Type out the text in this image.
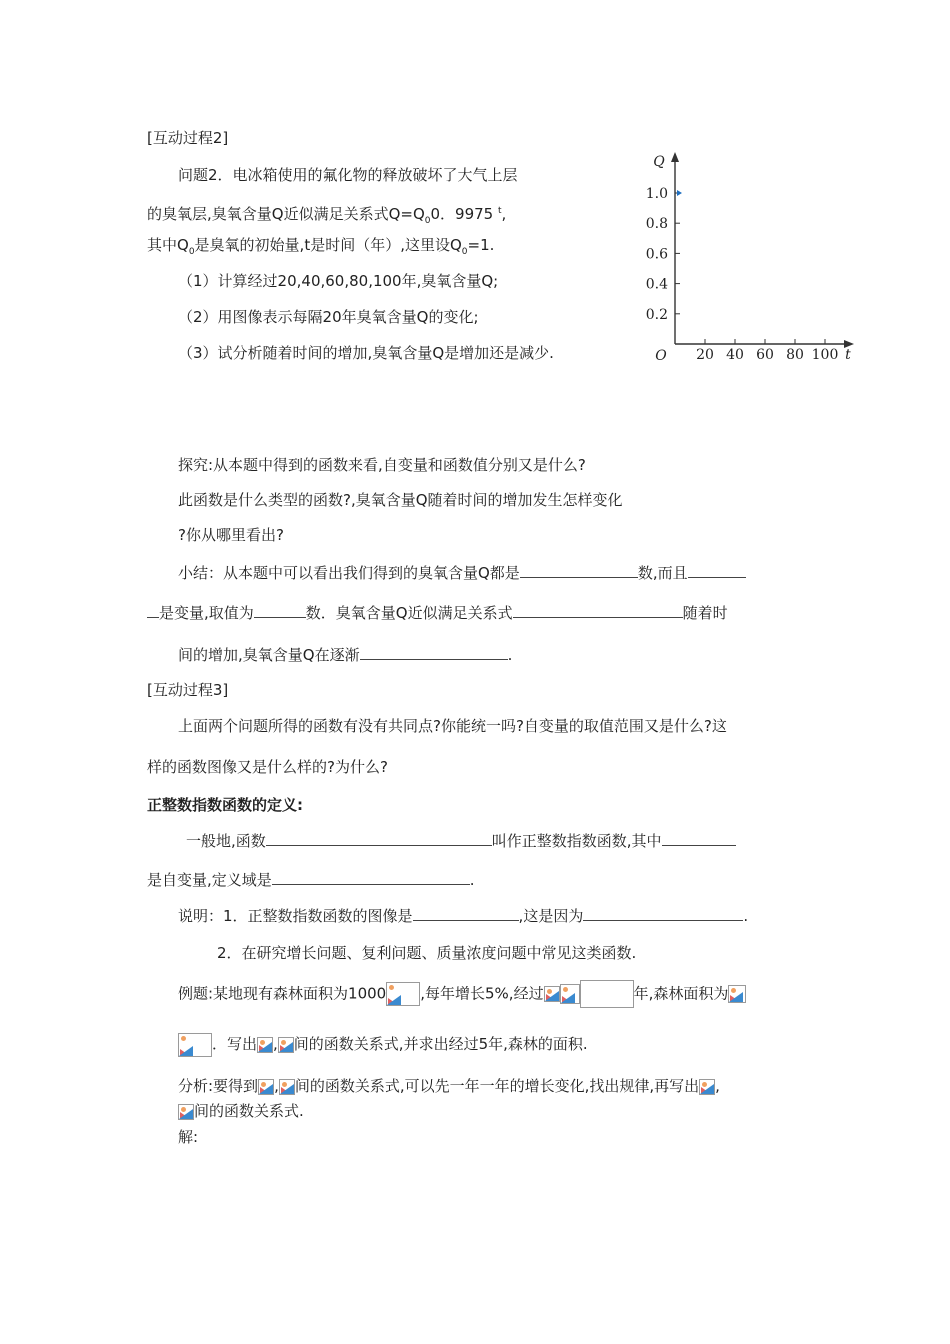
[互动过程2]
问题2．电冰箱使用的氟化物的释放破坏了大气上层
的臭氧层,臭氧含量Q近似满足关系式$Q=Q_00$．9975 $^t$,
其中$Q_0$是臭氧的初始量,t是时间（年）,这里设$Q_0=1$.
（1）计算经过20,40,60,80,100年,臭氧含量Q;
（2）用图像表示每隔20年臭氧含量Q的变化;
（3）试分析随着时间的增加,臭氧含量Q是增加还是减少.	20 40 60 80 100
0.2
0.4
0.6
0.8
1.0
O	t
Q
探究:从本题中得到的函数来看,自变量和函数值分别又是什么?
此函数是什么类型的函数?,臭氧含量Q随着时间的增加发生怎样变化
?你从哪里看出?
小结：从本题中可以看出我们得到的臭氧含量Q都是	数,而且
是变量,取值为	数．臭氧含量Q近似满足关系式	随着时
间的增加,臭氧含量Q在逐渐	.
[互动过程3]
上面两个问题所得的函数有没有共同点?你能统一吗?自变量的取值范围又是什么?这
样的函数图像又是什么样的?为什么?
正整数指数函数的定义:
一般地,函数	叫作正整数指数函数,其中
是自变量,定义域是	.
说明：1．正整数指数函数的图像是	,这是因为	.
2．在研究增长问题、复利问题、质量浓度问题中常见这类函数.
例题:某地现有森林面积为1000 ,每年增长5%,经过	年,森林面积为
．写出 , 间的函数关系式,并求出经过5年,森林的面积.
分析:要得到 , 间的函数关系式,可以先一年一年的增长变化,找出规律,再写出 ,
间的函数关系式.
解:
